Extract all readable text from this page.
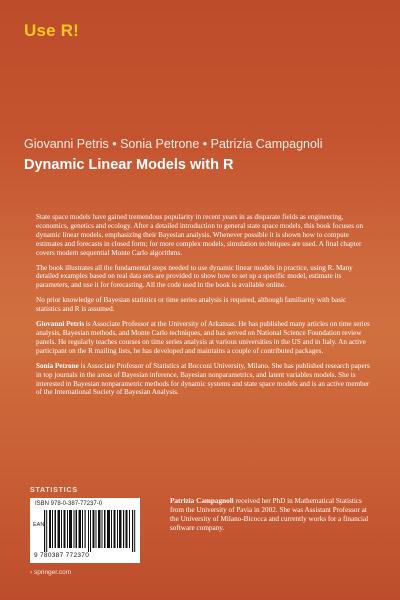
Use R!
Giovanni Petris • Sonia Petrone • Patrizia Campagnoli
Dynamic Linear Models with R

State space models have gained tremendous popularity in recent years in as disparate fields as engineering, economics, genetics and ecology. After a detailed introduction to general state space models, this book focuses on dynamic linear models, emphasizing their Bayesian analysis. Whenever possible it is shown how to compute estimates and forecasts in closed form; for more complex models, simulation techniques are used. A final chapter covers modern sequential Monte Carlo algorithms.

The book illustrates all the fundamental steps needed to use dynamic linear models in practice, using R. Many detailed examples based on real data sets are provided to show how to set up a specific model, estimate its parameters, and use it for forecasting. All the code used in the book is available online.

No prior knowledge of Bayesian statistics or time series analysis is required, although familiarity with basic statistics and R is assumed.

Giovanni Petris is Associate Professor at the University of Arkansas. He has published many articles on time series analysis, Bayesian methods, and Monte Carlo techniques, and has served on National Science Foundation review panels. He regularly teaches courses on time series analysis at various universities in the US and in Italy. An active participant on the R mailing lists, he has developed and maintains a couple of contributed packages.

Sonia Petrone is Associate Professor of Statistics at Bocconi University, Milano. She has published research papers in top journals in the areas of Bayesian inference, Bayesian nonparametrics, and latent variables models. She is interested in Bayesian nonparametric methods for dynamic systems and state space models and is an active member of the International Society of Bayesian Analysis.

Patrizia Campagnoli received her PhD in Mathematical Statistics from the University of Pavia in 2002. She was Assistant Professor at the University of Milano-Bicocca and currently works for a financial software company.
STATISTICS
ISBN 978-0-387-77237-0
EAN
9 780387 772370
› springer.com
